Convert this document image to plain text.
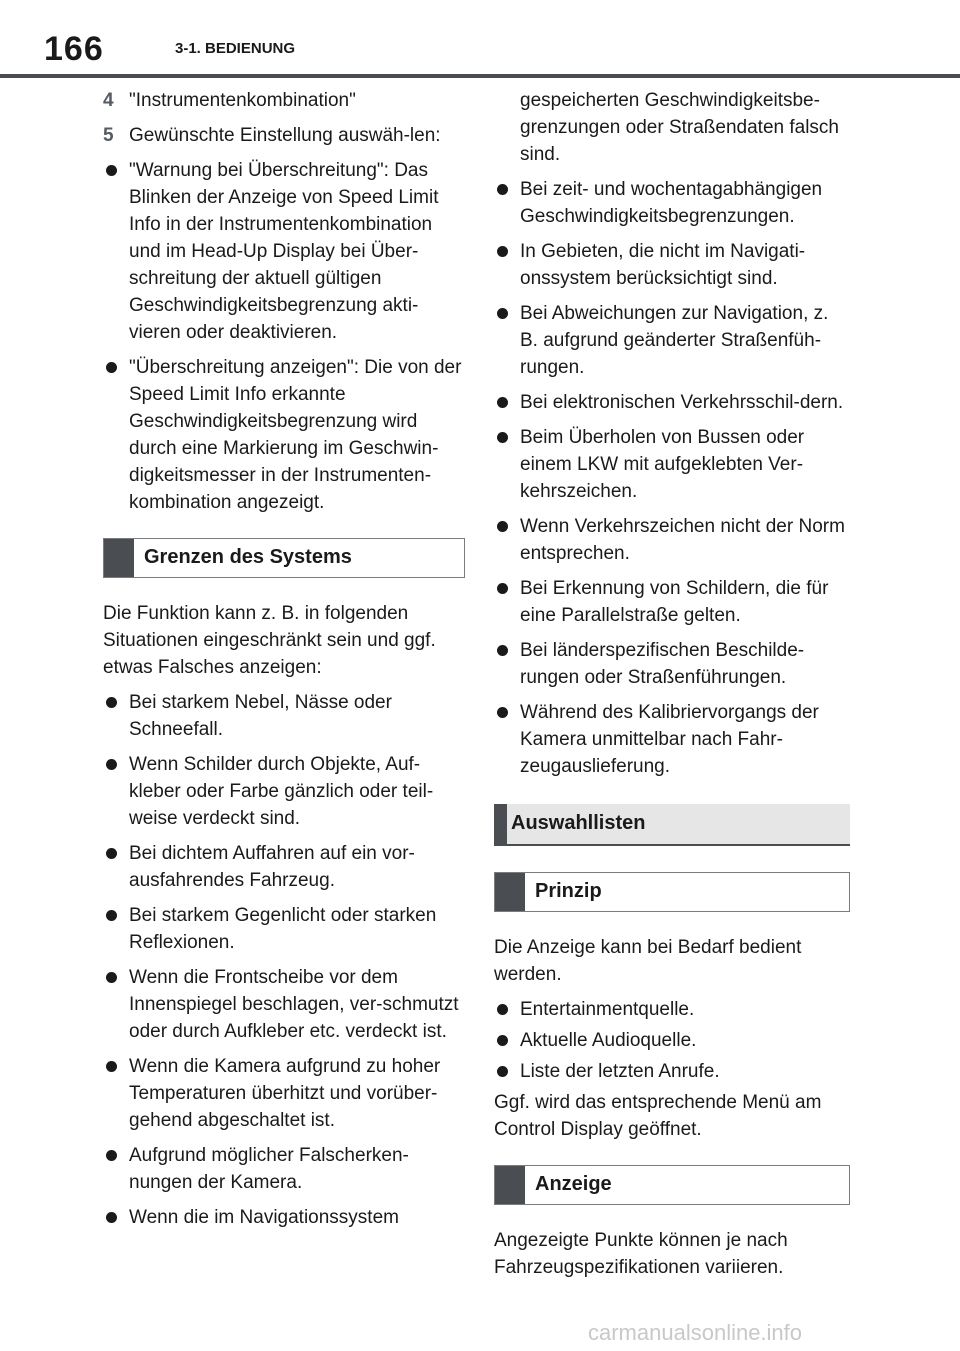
166	3-1. BEDIENUNG
4 "Instrumentenkombination"
5 Gewünschte Einstellung auswäh-len:
"Warnung bei Überschreitung": Das Blinken der Anzeige von Speed Limit Info in der Instrumentenkombination und im Head-Up Display bei Über-schreitung der aktuell gültigen Geschwindigkeitsbegrenzung akti-vieren oder deaktivieren.
"Überschreitung anzeigen": Die von der Speed Limit Info erkannte Geschwindigkeitsbegrenzung wird durch eine Markierung im Geschwin-digkeitsmesser in der Instrumenten-kombination angezeigt.
Grenzen des Systems
Die Funktion kann z. B. in folgenden Situationen eingeschränkt sein und ggf. etwas Falsches anzeigen:
Bei starkem Nebel, Nässe oder Schneefall.
Wenn Schilder durch Objekte, Auf-kleber oder Farbe gänzlich oder teil-weise verdeckt sind.
Bei dichtem Auffahren auf ein vor-ausfahrendes Fahrzeug.
Bei starkem Gegenlicht oder starken Reflexionen.
Wenn die Frontscheibe vor dem Innenspiegel beschlagen, ver-schmutzt oder durch Aufkleber etc. verdeckt ist.
Wenn die Kamera aufgrund zu hoher Temperaturen überhitzt und vorüber-gehend abgeschaltet ist.
Aufgrund möglicher Falscherken-nungen der Kamera.
Wenn die im Navigationssystem
gespeicherten Geschwindigkeitsbe-grenzungen oder Straßendaten falsch sind.
Bei zeit- und wochentagabhängigen Geschwindigkeitsbegrenzungen.
In Gebieten, die nicht im Navigati-onssystem berücksichtigt sind.
Bei Abweichungen zur Navigation, z. B. aufgrund geänderter Straßenfüh-rungen.
Bei elektronischen Verkehrsschil-dern.
Beim Überholen von Bussen oder einem LKW mit aufgeklebten Ver-kehrszeichen.
Wenn Verkehrszeichen nicht der Norm entsprechen.
Bei Erkennung von Schildern, die für eine Parallelstraße gelten.
Bei länderspezifischen Beschilde-rungen oder Straßenführungen.
Während des Kalibriervorgangs der Kamera unmittelbar nach Fahr-zeugauslieferung.
Auswahllisten
Prinzip
Die Anzeige kann bei Bedarf bedient werden.
Entertainmentquelle.
Aktuelle Audioquelle.
Liste der letzten Anrufe.
Ggf. wird das entsprechende Menü am Control Display geöffnet.
Anzeige
Angezeigte Punkte können je nach Fahrzeugspezifikationen variieren.
carmanualsonline.info
